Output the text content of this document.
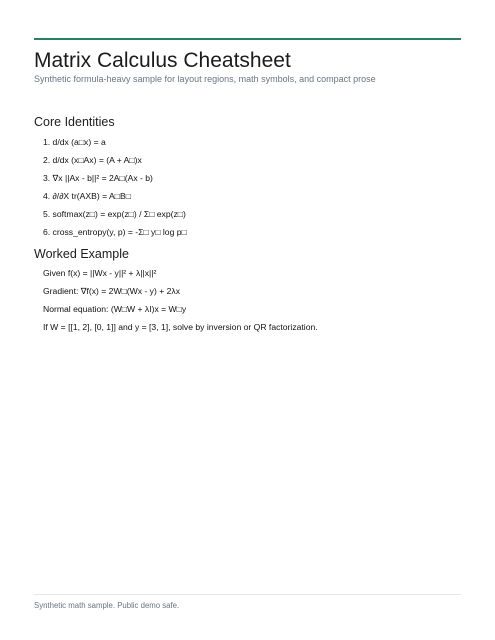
Matrix Calculus Cheatsheet

Synthetic formula-heavy sample for layout regions, math symbols, and compact prose

Core Identities

1. d/dx (a□x) = a

2. d/dx (x□Ax) = (A + A□)x

3. ∇x ||Ax - b||² = 2A□(Ax - b)

4. ∂/∂X tr(AXB) = A□B□

5. softmax(z□) = exp(z□) / Σ□ exp(z□)

6. cross_entropy(y, p) = -Σ□ y□ log p□

Worked Example

Given f(x) = ||Wx - y||² + λ||x||²

Gradient: ∇f(x) = 2W□(Wx - y) + 2λx

Normal equation: (W□W + λI)x = W□y

If W = [[1, 2], [0, 1]] and y = [3, 1], solve by inversion or QR factorization.

Synthetic math sample. Public demo safe.
